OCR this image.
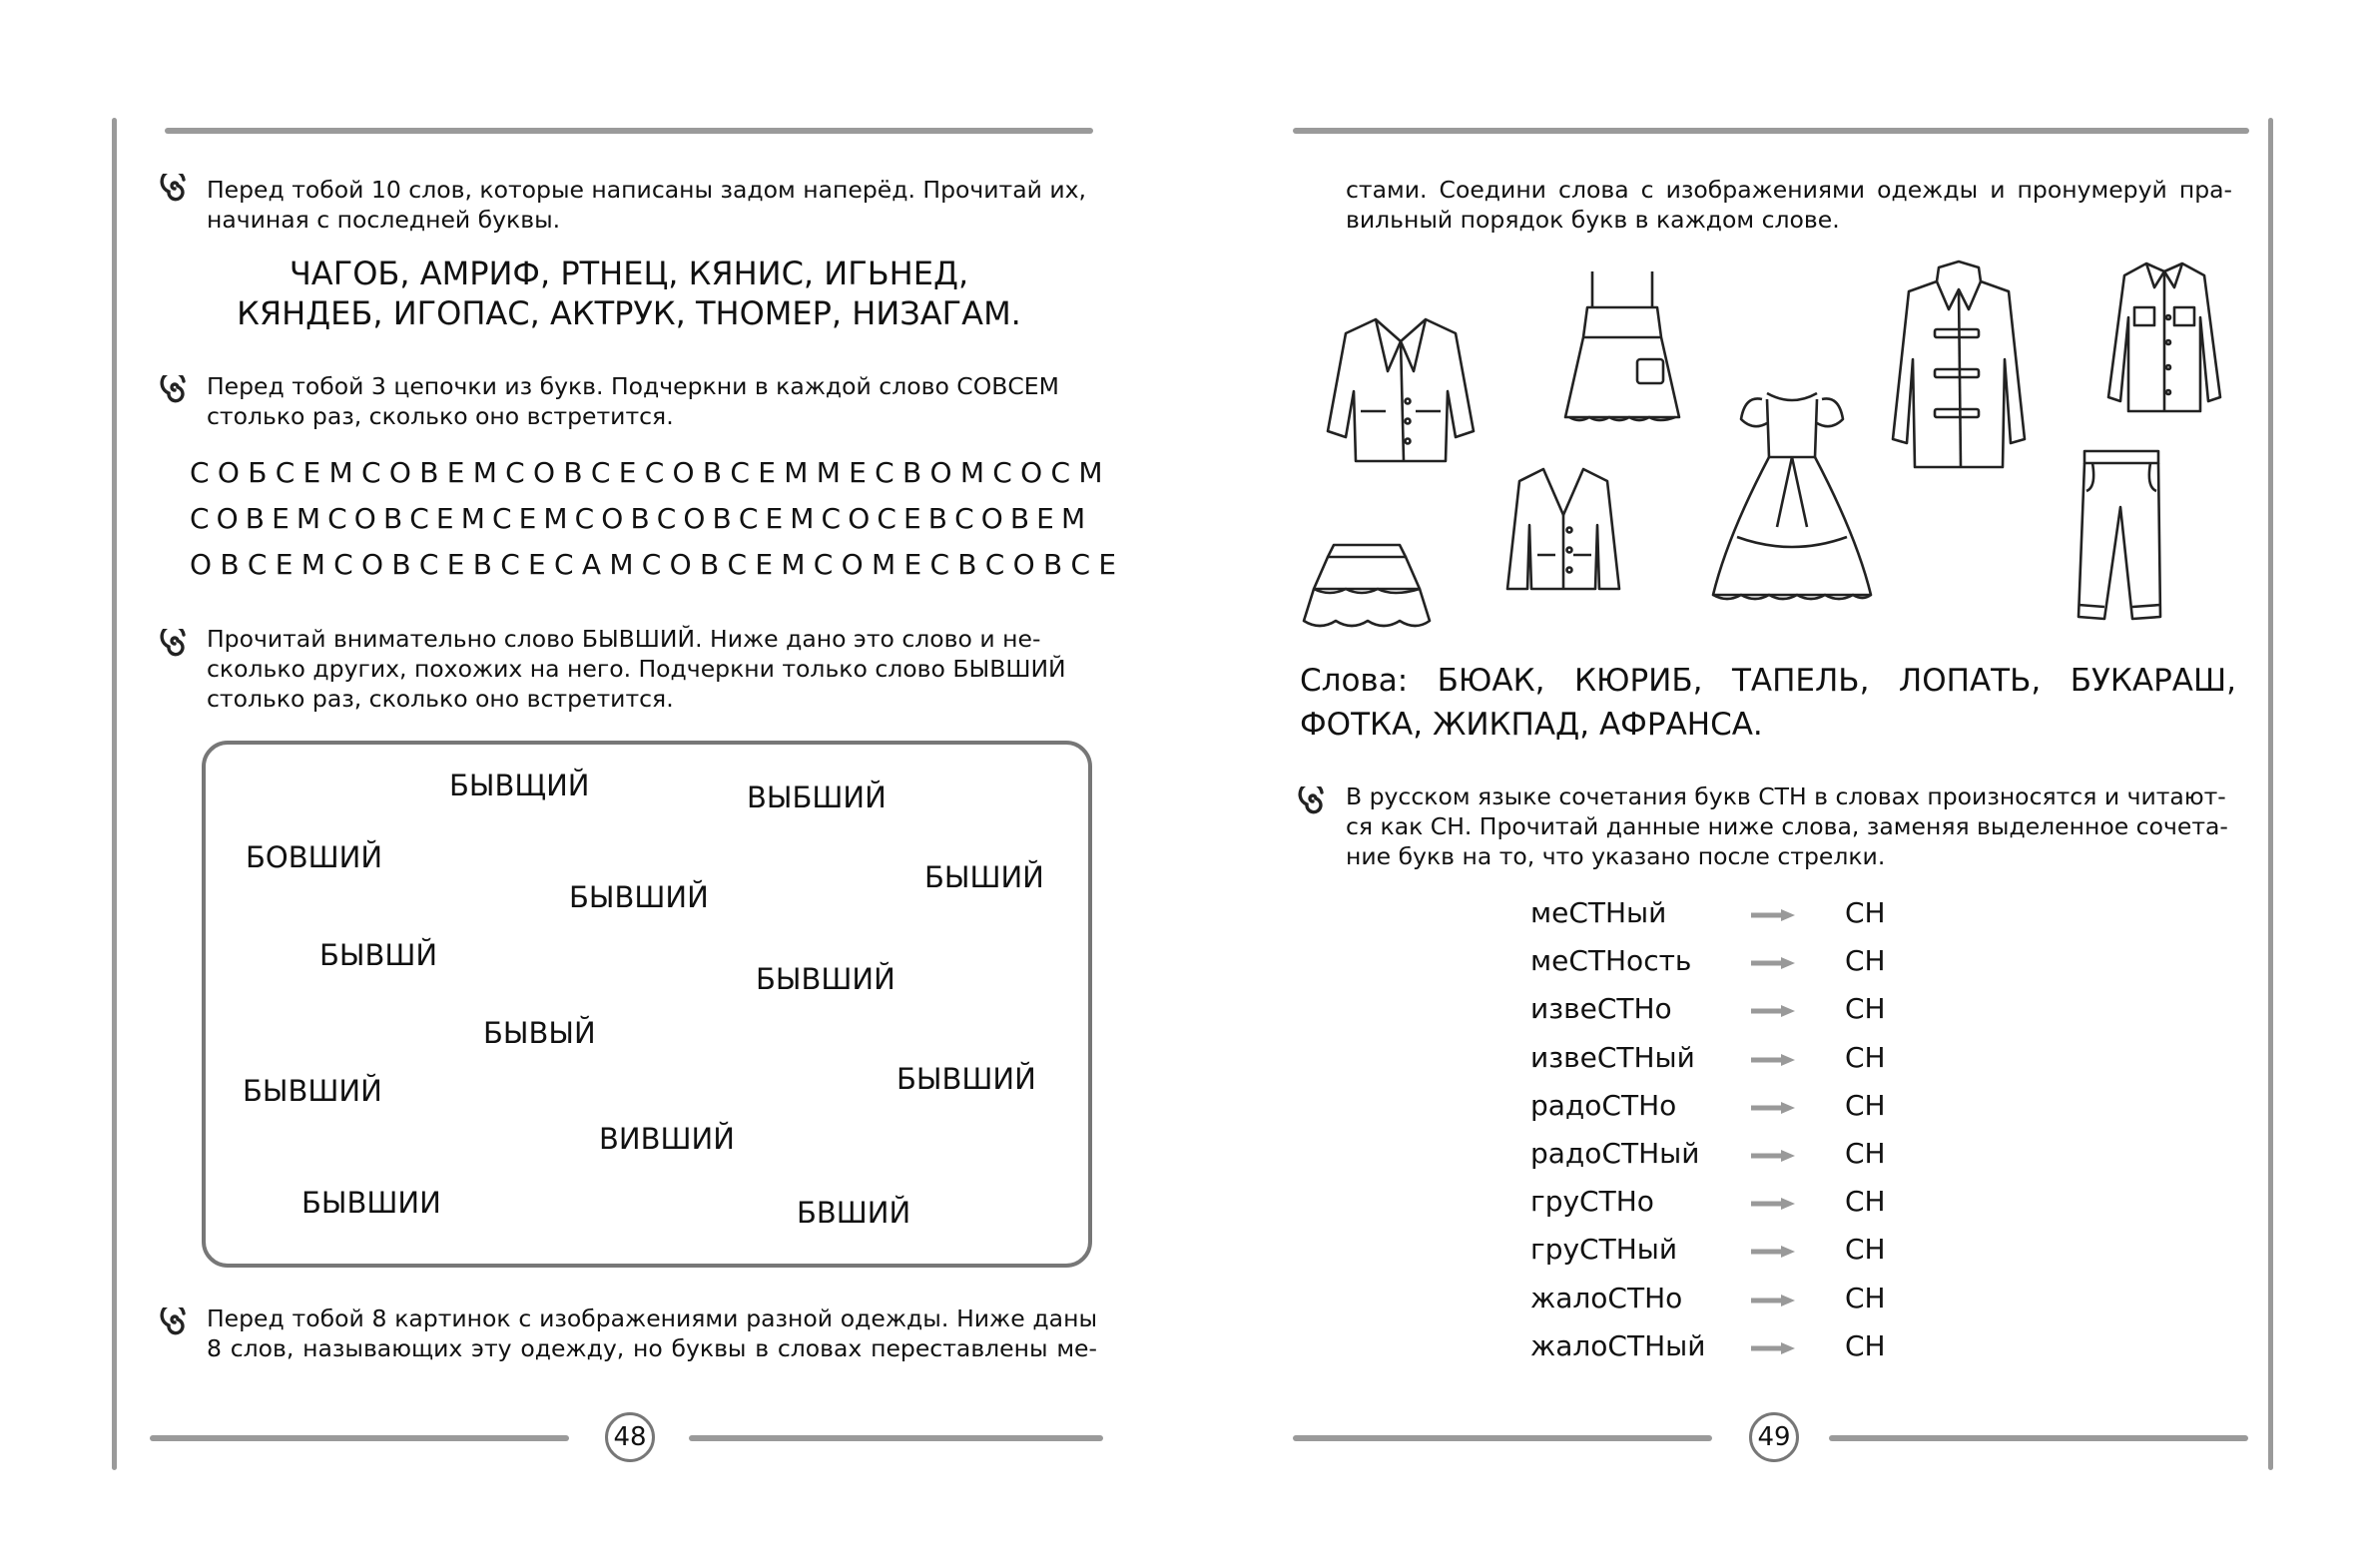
Перед тобой 10 слов, которые написаны задом наперёд. Прочитай их,
начиная с последней буквы.
ЧАГОБ, АМРИФ, РТНЕЦ, КЯНИС, ИГЬНЕД,
КЯНДЕБ, ИГОПАС, АКТРУК, ТНОМЕР, НИЗАГАМ.
Перед тобой 3 цепочки из букв. Подчеркни в каждой слово СОВСЕМ
столько раз, сколько оно встретится.
СОБСЕМСОВЕМСОВСЕСОВСЕММЕСВОМСОСМ
СОВЕМСОВСЕМСЕМСОВСОВСЕМСОСЕВСОВЕМ
ОВСЕМСОВСЕВСЕСАМСОВСЕМСОМЕСВСОВСЕ
Прочитай внимательно слово БЫВШИЙ. Ниже дано это слово и не-
сколько других, похожих на него. Подчеркни только слово БЫВШИЙ
столько раз, сколько оно встретится.
БЫВЩИЙ	ВЫБШИЙ
БОВШИЙ
БЫВШИЙ
БЫШИЙ
БЫВШЙ
БЫВШИЙ
БЫВЫЙ
БЫВШИЙ	БЫВШИЙ
ВИВШИЙ
БЫВШИИ	БВШИЙ
Перед тобой 8 картинок с изображениями разной одежды. Ниже даны
8 слов, называющих эту одежду, но буквы в словах переставлены ме-
48
стами. Соедини слова с изображениями одежды и пронумеруй пра-
вильный порядок букв в каждом слове.
Слова: БЮАК, КЮРИБ, ТАПЕЛЬ, ЛОПАТЬ, БУКАРАШ,
ФОТКА, ЖИКПАД, АФРАНСА.
В русском языке сочетания букв СТН в словах произносятся и читают-
ся как СН. Прочитай данные ниже слова, заменяя выделенное сочета-
ние букв на то, что указано после стрелки.
меСТНый	СН
меСТНость	СН
извеСТНо	СН
извеСТНый	СН
радоСТНо	СН
радоСТНый	СН
груСТНо	СН
груСТНый	СН
жалоСТНо	СН
жалоСТНый	СН
49
